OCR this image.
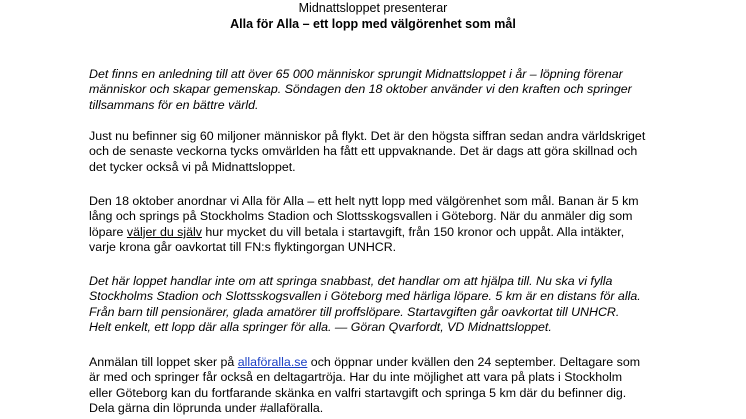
Midnattsloppet presenterar
Alla för Alla – ett lopp med välgörenhet som mål

Det finns en anledning till att över 65 000 människor sprungit Midnattsloppet i år – löpning förenar
människor och skapar gemenskap. Söndagen den 18 oktober använder vi den kraften och springer
tillsammans för en bättre värld.

Just nu befinner sig 60 miljoner människor på flykt. Det är den högsta siffran sedan andra världskriget
och de senaste veckorna tycks omvärlden ha fått ett uppvaknande. Det är dags att göra skillnad och
det tycker också vi på Midnattsloppet.

Den 18 oktober anordnar vi Alla för Alla – ett helt nytt lopp med välgörenhet som mål. Banan är 5 km
lång och springs på Stockholms Stadion och Slottsskogsvallen i Göteborg. När du anmäler dig som
löpare väljer du själv hur mycket du vill betala i startavgift, från 150 kronor och uppåt. Alla intäkter,
varje krona går oavkortat till FN:s flyktingorgan UNHCR.

Det här loppet handlar inte om att springa snabbast, det handlar om att hjälpa till. Nu ska vi fylla
Stockholms Stadion och Slottsskogsvallen i Göteborg med härliga löpare. 5 km är en distans för alla.
Från barn till pensionärer, glada amatörer till proffslöpare. Startavgiften går oavkortat till UNHCR.
Helt enkelt, ett lopp där alla springer för alla. — Göran Qvarfordt, VD Midnattsloppet.

Anmälan till loppet sker på allaföralla.se och öppnar under kvällen den 24 september. Deltagare som
är med och springer får också en deltagartröja. Har du inte möjlighet att vara på plats i Stockholm
eller Göteborg kan du fortfarande skänka en valfri startavgift och springa 5 km där du befinner dig.
Dela gärna din löprunda under #allaföralla.
